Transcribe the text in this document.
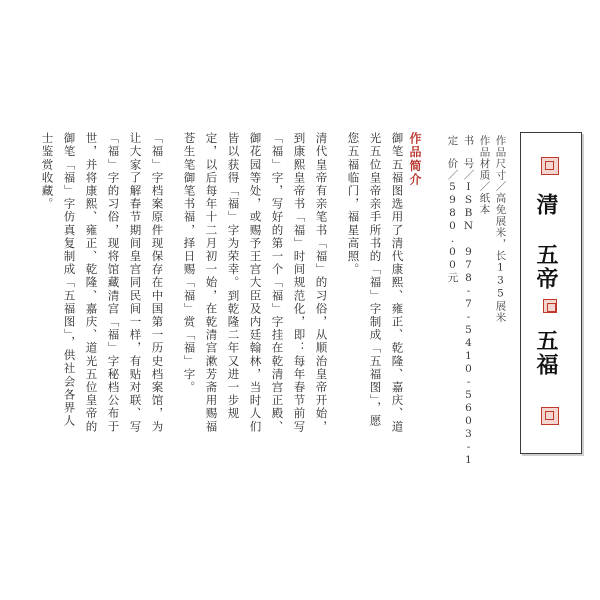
清
五帝
五福
作品尺寸／高免展米，长135展米
作品材质／纸本
书　号／ISBN 978-7-5410-5603-1
定　价／5980.00元
作品简介
御笔五福图选用了清代康熙、雍正、乾隆、嘉庆、道
光五位皇帝亲手所书的「福」字制成「五福图」，愿
您五福临门，福星高照。
清代皇帝有亲笔书「福」的习俗，从顺治皇帝开始，
到康熙皇帝书「福」时间规范化，即：每年春节前写
「福」字，写好的第一个「福」字挂在乾清宫正殿、
御花园等处，或赐予王宫大臣及内廷翰林，当时人们
皆以获得「福」字为荣幸。到乾隆二年又进一步规
定，以后每年十二月初一始，在乾清宫漱芳斋用赐福
苍生笔御笔书福，择日赐「福」赏「福」字。
「福」字档案原件现保存在中国第一历史档案馆，为
让大家了解春节期间皇宫同民间一样，有贴对联、写
「福」字的习俗，现将馆藏清宫「福」字秘档公布于
世，并将康熙、雍正、乾隆、嘉庆、道光五位皇帝的
御笔「福」字仿真复制成「五福图」，供社会各界人
士鉴赏收藏。
